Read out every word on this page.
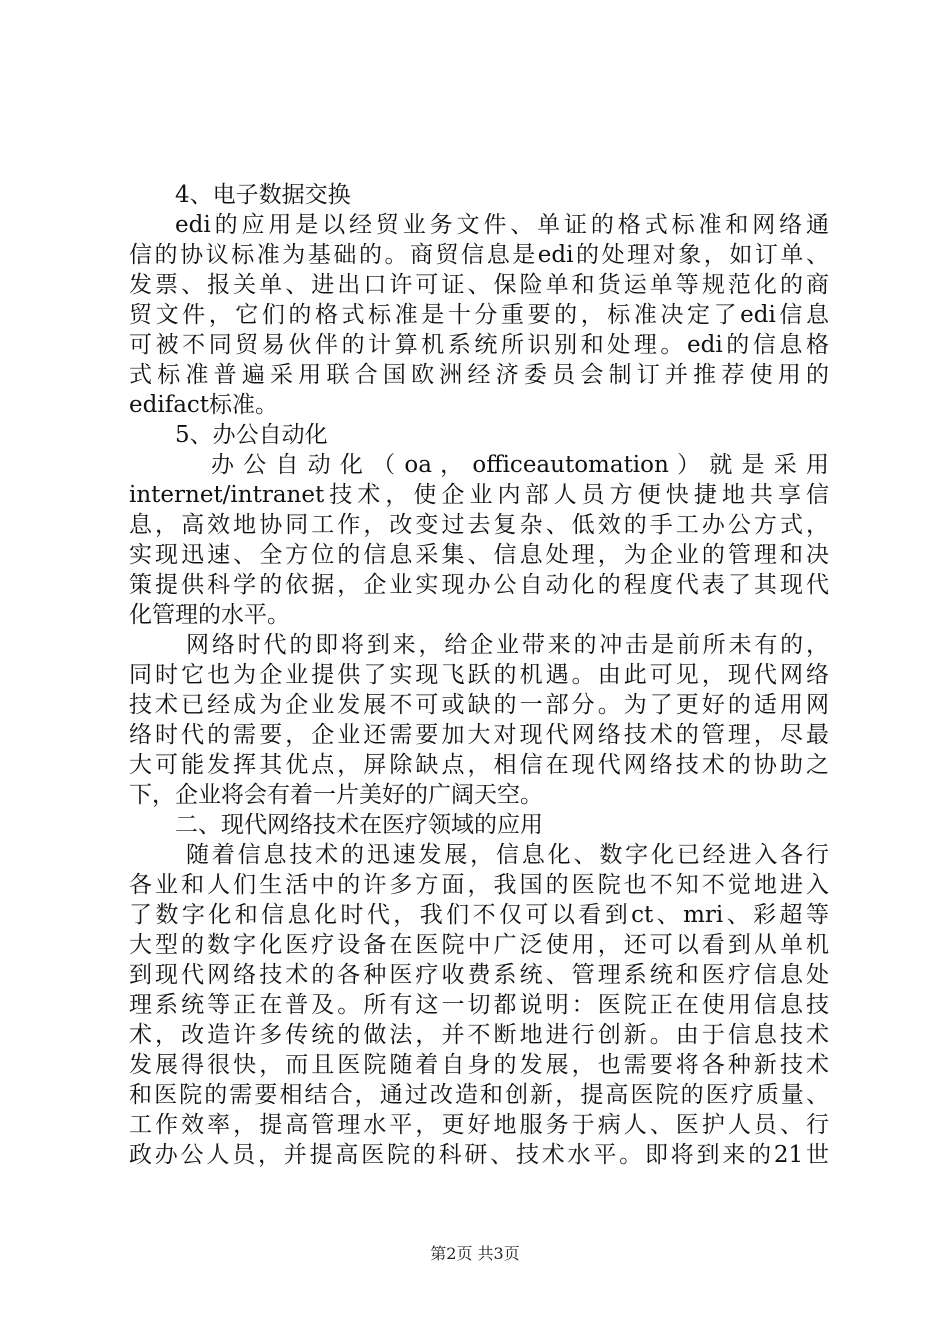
4、电子数据交换
edi的应用是以经贸业务文件、单证的格式标准和网络通
信的协议标准为基础的。商贸信息是edi的处理对象，如订单、
发票、报关单、进出口许可证、保险单和货运单等规范化的商
贸文件，它们的格式标准是十分重要的，标准决定了edi信息
可被不同贸易伙伴的计算机系统所识别和处理。edi的信息格
式标准普遍采用联合国欧洲经济委员会制订并推荐使用的
edifact标准。
5、办公自动化
办 公 自 动 化 （ oa ， officeautomation ） 就 是 采 用
internet/intranet技术，使企业内部人员方便快捷地共享信
息，高效地协同工作，改变过去复杂、低效的手工办公方式，
实现迅速、全方位的信息采集、信息处理，为企业的管理和决
策提供科学的依据，企业实现办公自动化的程度代表了其现代
化管理的水平。
网络时代的即将到来，给企业带来的冲击是前所未有的，
同时它也为企业提供了实现飞跃的机遇。由此可见，现代网络
技术已经成为企业发展不可或缺的一部分。为了更好的适用网
络时代的需要，企业还需要加大对现代网络技术的管理，尽最
大可能发挥其优点，屏除缺点，相信在现代网络技术的协助之
下，企业将会有着一片美好的广阔天空。
二、现代网络技术在医疗领域的应用
随着信息技术的迅速发展，信息化、数字化已经进入各行
各业和人们生活中的许多方面，我国的医院也不知不觉地进入
了数字化和信息化时代，我们不仅可以看到ct、mri、彩超等
大型的数字化医疗设备在医院中广泛使用，还可以看到从单机
到现代网络技术的各种医疗收费系统、管理系统和医疗信息处
理系统等正在普及。所有这一切都说明：医院正在使用信息技
术，改造许多传统的做法，并不断地进行创新。由于信息技术
发展得很快，而且医院随着自身的发展，也需要将各种新技术
和医院的需要相结合，通过改造和创新，提高医院的医疗质量、
工作效率，提高管理水平，更好地服务于病人、医护人员、行
政办公人员，并提高医院的科研、技术水平。即将到来的21世
第2页 共3页
